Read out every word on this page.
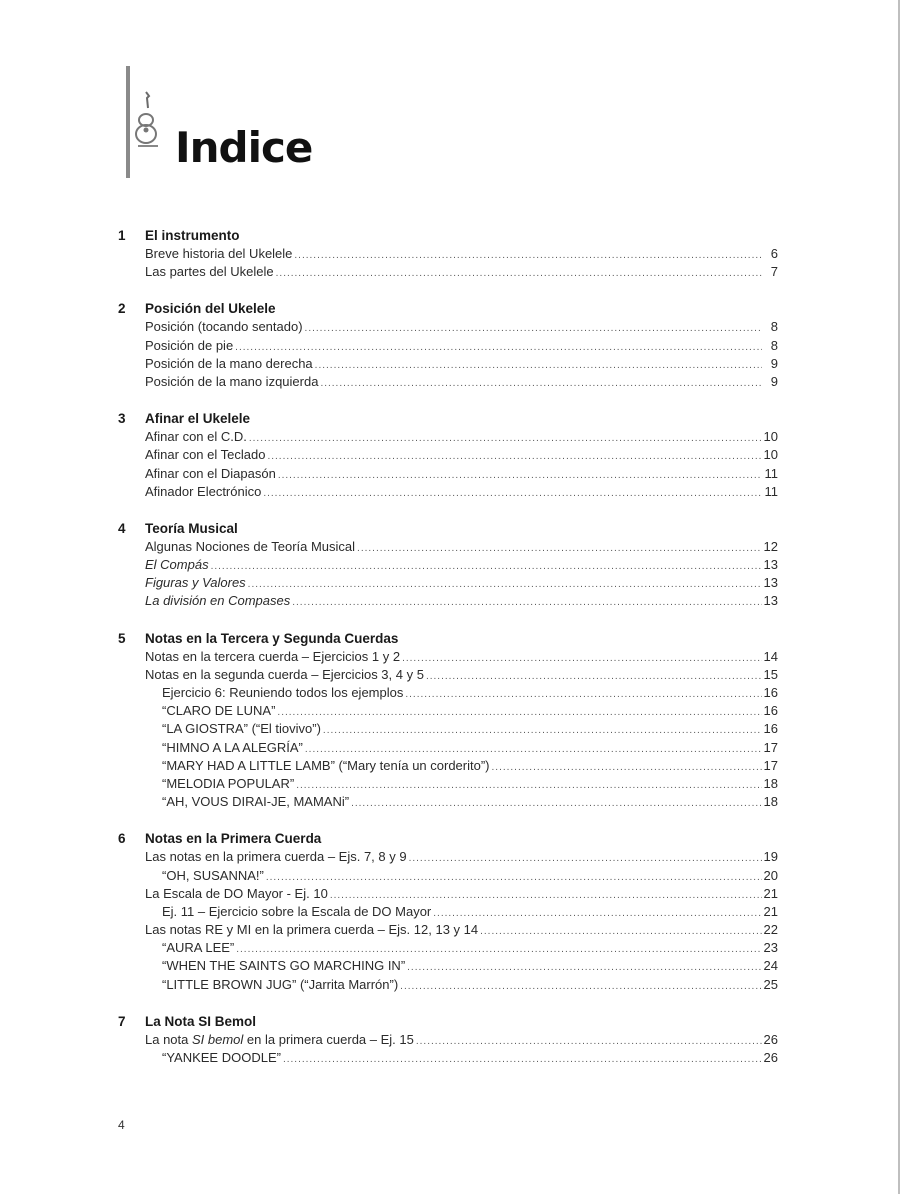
Indice
1	El instrumento
Breve historia del Ukelele .....	6
Las partes del Ukelele .....	7
2	Posición del Ukelele
Posición (tocando sentado) .....	8
Posición de pie .....	8
Posición de la mano derecha .....	9
Posición de la mano izquierda .....	9
3	Afinar el Ukelele
Afinar con el C.D. .....	10
Afinar con el Teclado .....	10
Afinar con el Diapasón .....	11
Afinador Electrónico .....	11
4	Teoría Musical
Algunas Nociones de Teoría Musical .....	12
El Compás .....	13
Figuras y Valores .....	13
La división en Compases .....	13
5	Notas en la Tercera y Segunda Cuerdas
Notas en la tercera cuerda – Ejercicios 1 y 2 .....	14
Notas en la segunda cuerda – Ejercicios 3, 4 y 5 .....	15
Ejercicio 6: Reuniendo todos los ejemplos .....	16
“CLARO DE LUNA” .....	16
“LA GIOSTRA” (“El tiovivo”) .....	16
“HIMNO A LA ALEGRÍA” .....	17
“MARY HAD A LITTLE LAMB” (“Mary tenía un corderito”) .....	17
“MELODIA POPULAR” .....	18
“AH, VOUS DIRAI-JE, MAMANi” .....	18
6	Notas en la Primera Cuerda
Las notas en la primera cuerda – Ejs. 7, 8 y 9 .....	19
“OH, SUSANNA!” .....	20
La Escala de DO Mayor - Ej. 10 .....	21
Ej. 11 – Ejercicio sobre la Escala de DO Mayor .....	21
Las notas RE y MI en la primera cuerda – Ejs. 12, 13 y 14 .....	22
“AURA LEE” .....	23
“WHEN THE SAINTS GO MARCHING IN” .....	24
“LITTLE BROWN JUG” (“Jarrita Marrón”) .....	25
7	La Nota SI Bemol
La nota SI bemol en la primera cuerda – Ej. 15 .....	26
“YANKEE DOODLE” .....	26
4
